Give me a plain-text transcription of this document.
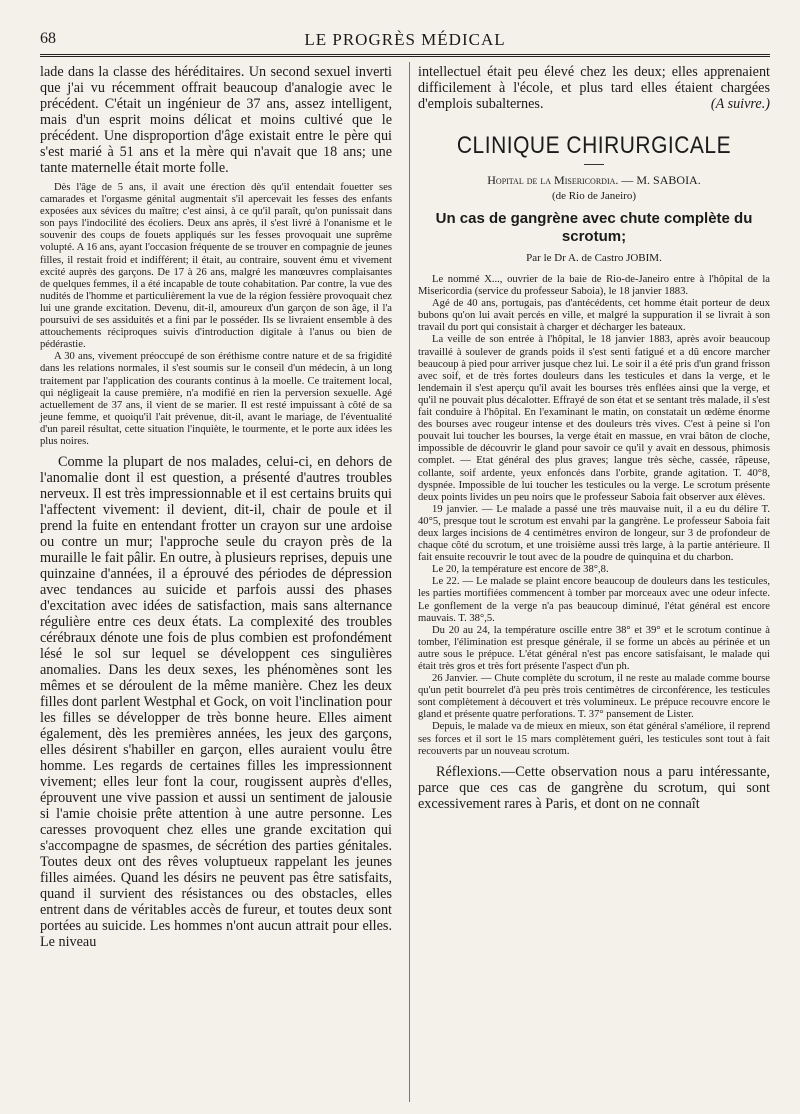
68	LE PROGRÈS MÉDICAL

lade dans la classe des héréditaires. Un second sexuel inverti que j'ai vu récemment offrait beaucoup d'analogie avec le précédent. C'était un ingénieur de 37 ans, assez intelligent, mais d'un esprit moins délicat et moins cultivé que le précédent. Une disproportion d'âge existait entre le père qui s'est marié à 51 ans et la mère qui n'avait que 18 ans; une tante maternelle était morte folle.

Dès l'âge de 5 ans, il avait une érection dès qu'il entendait fouetter ses camarades et l'orgasme génital augmentait s'il apercevait les fesses des enfants exposées aux sévices du maître; c'est ainsi, à ce qu'il paraît, qu'on punissait dans son pays l'indocilité des écoliers. Deux ans après, il s'est livré à l'onanisme et le souvenir des coups de fouets appliqués sur les fesses provoquait une suprême volupté. A 16 ans, ayant l'occasion fréquente de se trouver en compagnie de jeunes filles, il restait froid et indifférent; il était, au contraire, souvent ému et vivement excité auprès des garçons. De 17 à 26 ans, malgré les manœuvres complaisantes de quelques femmes, il a été incapable de toute cohabitation. Par contre, la vue des nudités de l'homme et particulièrement la vue de la région fessière provoquait chez lui une grande excitation. Devenu, dit-il, amoureux d'un garçon de son âge, il l'a poursuivi de ses assiduités et a fini par le posséder. Ils se livraient ensemble à des attouchements réciproques suivis d'introduction digitale à l'anus ou bien de pédérastie.

A 30 ans, vivement préoccupé de son éréthisme contre nature et de sa frigidité dans les relations normales, il s'est soumis sur le conseil d'un médecin, à un long traitement par l'application des courants continus à la moelle. Ce traitement local, qui négligeait la cause première, n'a modifié en rien la perversion sexuelle. Agé actuellement de 37 ans, il vient de se marier. Il est resté impuissant à côté de sa jeune femme, et quoiqu'il l'ait prévenue, dit-il, avant le mariage, de l'éventualité d'un pareil résultat, cette situation l'inquiète, le tourmente, et le porte aux idées les plus noires.

Comme la plupart de nos malades, celui-ci, en dehors de l'anomalie dont il est question, a présenté d'autres troubles nerveux. Il est très impressionnable et il est certains bruits qui l'affectent vivement: il devient, dit-il, chair de poule et il prend la fuite en entendant frotter un crayon sur une ardoise ou contre un mur; l'approche seule du crayon près de la muraille le fait pâlir. En outre, à plusieurs reprises, depuis une quinzaine d'années, il a éprouvé des périodes de dépression avec tendances au suicide et parfois aussi des phases d'excitation avec idées de satisfaction, mais sans alternance régulière entre ces deux états. La complexité des troubles cérébraux dénote une fois de plus combien est profondément lésé le sol sur lequel se développent ces singulières anomalies. Dans les deux sexes, les phénomènes sont les mêmes et se déroulent de la même manière. Chez les deux filles dont parlent Westphal et Gock, on voit l'inclination pour les filles se développer de très bonne heure. Elles aiment également, dès les premières années, les jeux des garçons, elles désirent s'habiller en garçon, elles auraient voulu être homme. Les regards de certaines filles les impressionnent vivement; elles leur font la cour, rougissent auprès d'elles, éprouvent une vive passion et aussi un sentiment de jalousie si l'amie choisie prête attention à une autre personne. Les caresses provoquent chez elles une grande excitation qui s'accompagne de spasmes, de sécrétion des parties génitales. Toutes deux ont des rêves voluptueux rappelant les jeunes filles aimées. Quand les désirs ne peuvent pas être satisfaits, quand il survient des résistances ou des obstacles, elles entrent dans de véritables accès de fureur, et toutes deux sont portées au suicide. Les hommes n'ont aucun attrait pour elles. Le niveau

intellectuel était peu élevé chez les deux; elles apprenaient difficilement à l'école, et plus tard elles étaient chargées d'emplois subalternes.	(A suivre.)

CLINIQUE CHIRURGICALE
Hopital de la Misericordia. — M. SABOIA.
(de Rio de Janeiro)
Un cas de gangrène avec chute complète du scrotum;
Par le Dr A. de Castro JOBIM.

Le nommé X..., ouvrier de la baie de Rio-de-Janeiro entre à l'hôpital de la Misericordia (service du professeur Saboia), le 18 janvier 1883.

Agé de 40 ans, portugais, pas d'antécédents, cet homme était porteur de deux bubons qu'on lui avait percés en ville, et malgré la suppuration il se livrait à son travail du port qui consistait à charger et décharger les bateaux.

La veille de son entrée à l'hôpital, le 18 janvier 1883, après avoir beaucoup travaillé à soulever de grands poids il s'est senti fatigué et a dû encore marcher beaucoup à pied pour arriver jusque chez lui. Le soir il a été pris d'un grand frisson avec soif, et de très fortes douleurs dans les testicules et dans la verge, et le lendemain il s'est aperçu qu'il avait les bourses très enflées ainsi que la verge, et qu'il ne pouvait plus décalotter. Effrayé de son état et se sentant très malade, il s'est fait conduire à l'hôpital. En l'examinant le matin, on constatait un œdème énorme des bourses avec rougeur intense et des douleurs très vives. C'est à peine si l'on pouvait lui toucher les bourses, la verge était en massue, en vrai bâton de cloche, impossible de découvrir le gland pour savoir ce qu'il y avait en dessous, phimosis complet. — Etat général des plus graves; langue très sèche, cassée, râpeuse, collante, soif ardente, yeux enfoncés dans l'orbite, grande agitation. T. 40°8, dyspnée. Impossible de lui toucher les testicules ou la verge. Le scrotum présente deux points livides un peu noirs que le professeur Saboia fait observer aux élèves.

19 janvier. — Le malade a passé une très mauvaise nuit, il a eu du délire T. 40°5, presque tout le scrotum est envahi par la gangrène. Le professeur Saboia fait deux larges incisions de 4 centimètres environ de longeur, sur 3 de profondeur de chaque côté du scrotum, et une troisième aussi très large, à la partie antérieure. Il fait ensuite recouvrir le tout avec de la poudre de quinquina et du charbon.

Le 20, la température est encore de 38°,8.

Le 22. — Le malade se plaint encore beaucoup de douleurs dans les testicules, les parties mortifiées commencent à tomber par morceaux avec une odeur infecte. Le gonflement de la verge n'a pas beaucoup diminué, l'état général est encore mauvais. T. 38°,5.

Du 20 au 24, la température oscille entre 38° et 39° et le scrotum continue à tomber, l'élimination est presque générale, il se forme un abcès au périnée et un autre sous le prépuce. L'état général n'est pas encore satisfaisant, le malade qui était très gros et très fort présente l'aspect d'un ph.

26 Janvier. — Chute complète du scrotum, il ne reste au malade comme bourse qu'un petit bourrelet d'à peu près trois centimètres de circonférence, les testicules sont complètement à découvert et très volumineux. Le prépuce recouvre encore le gland et présente quatre perforations. T. 37° pansement de Lister.

Depuis, le malade va de mieux en mieux, son état général s'améliore, il reprend ses forces et il sort le 15 mars complètement guéri, les testicules sont tout à fait recouverts par un nouveau scrotum.

Réflexions.—Cette observation nous a paru intéressante, parce que ces cas de gangrène du scrotum, qui sont excessivement rares à Paris, et dont on ne connaît
